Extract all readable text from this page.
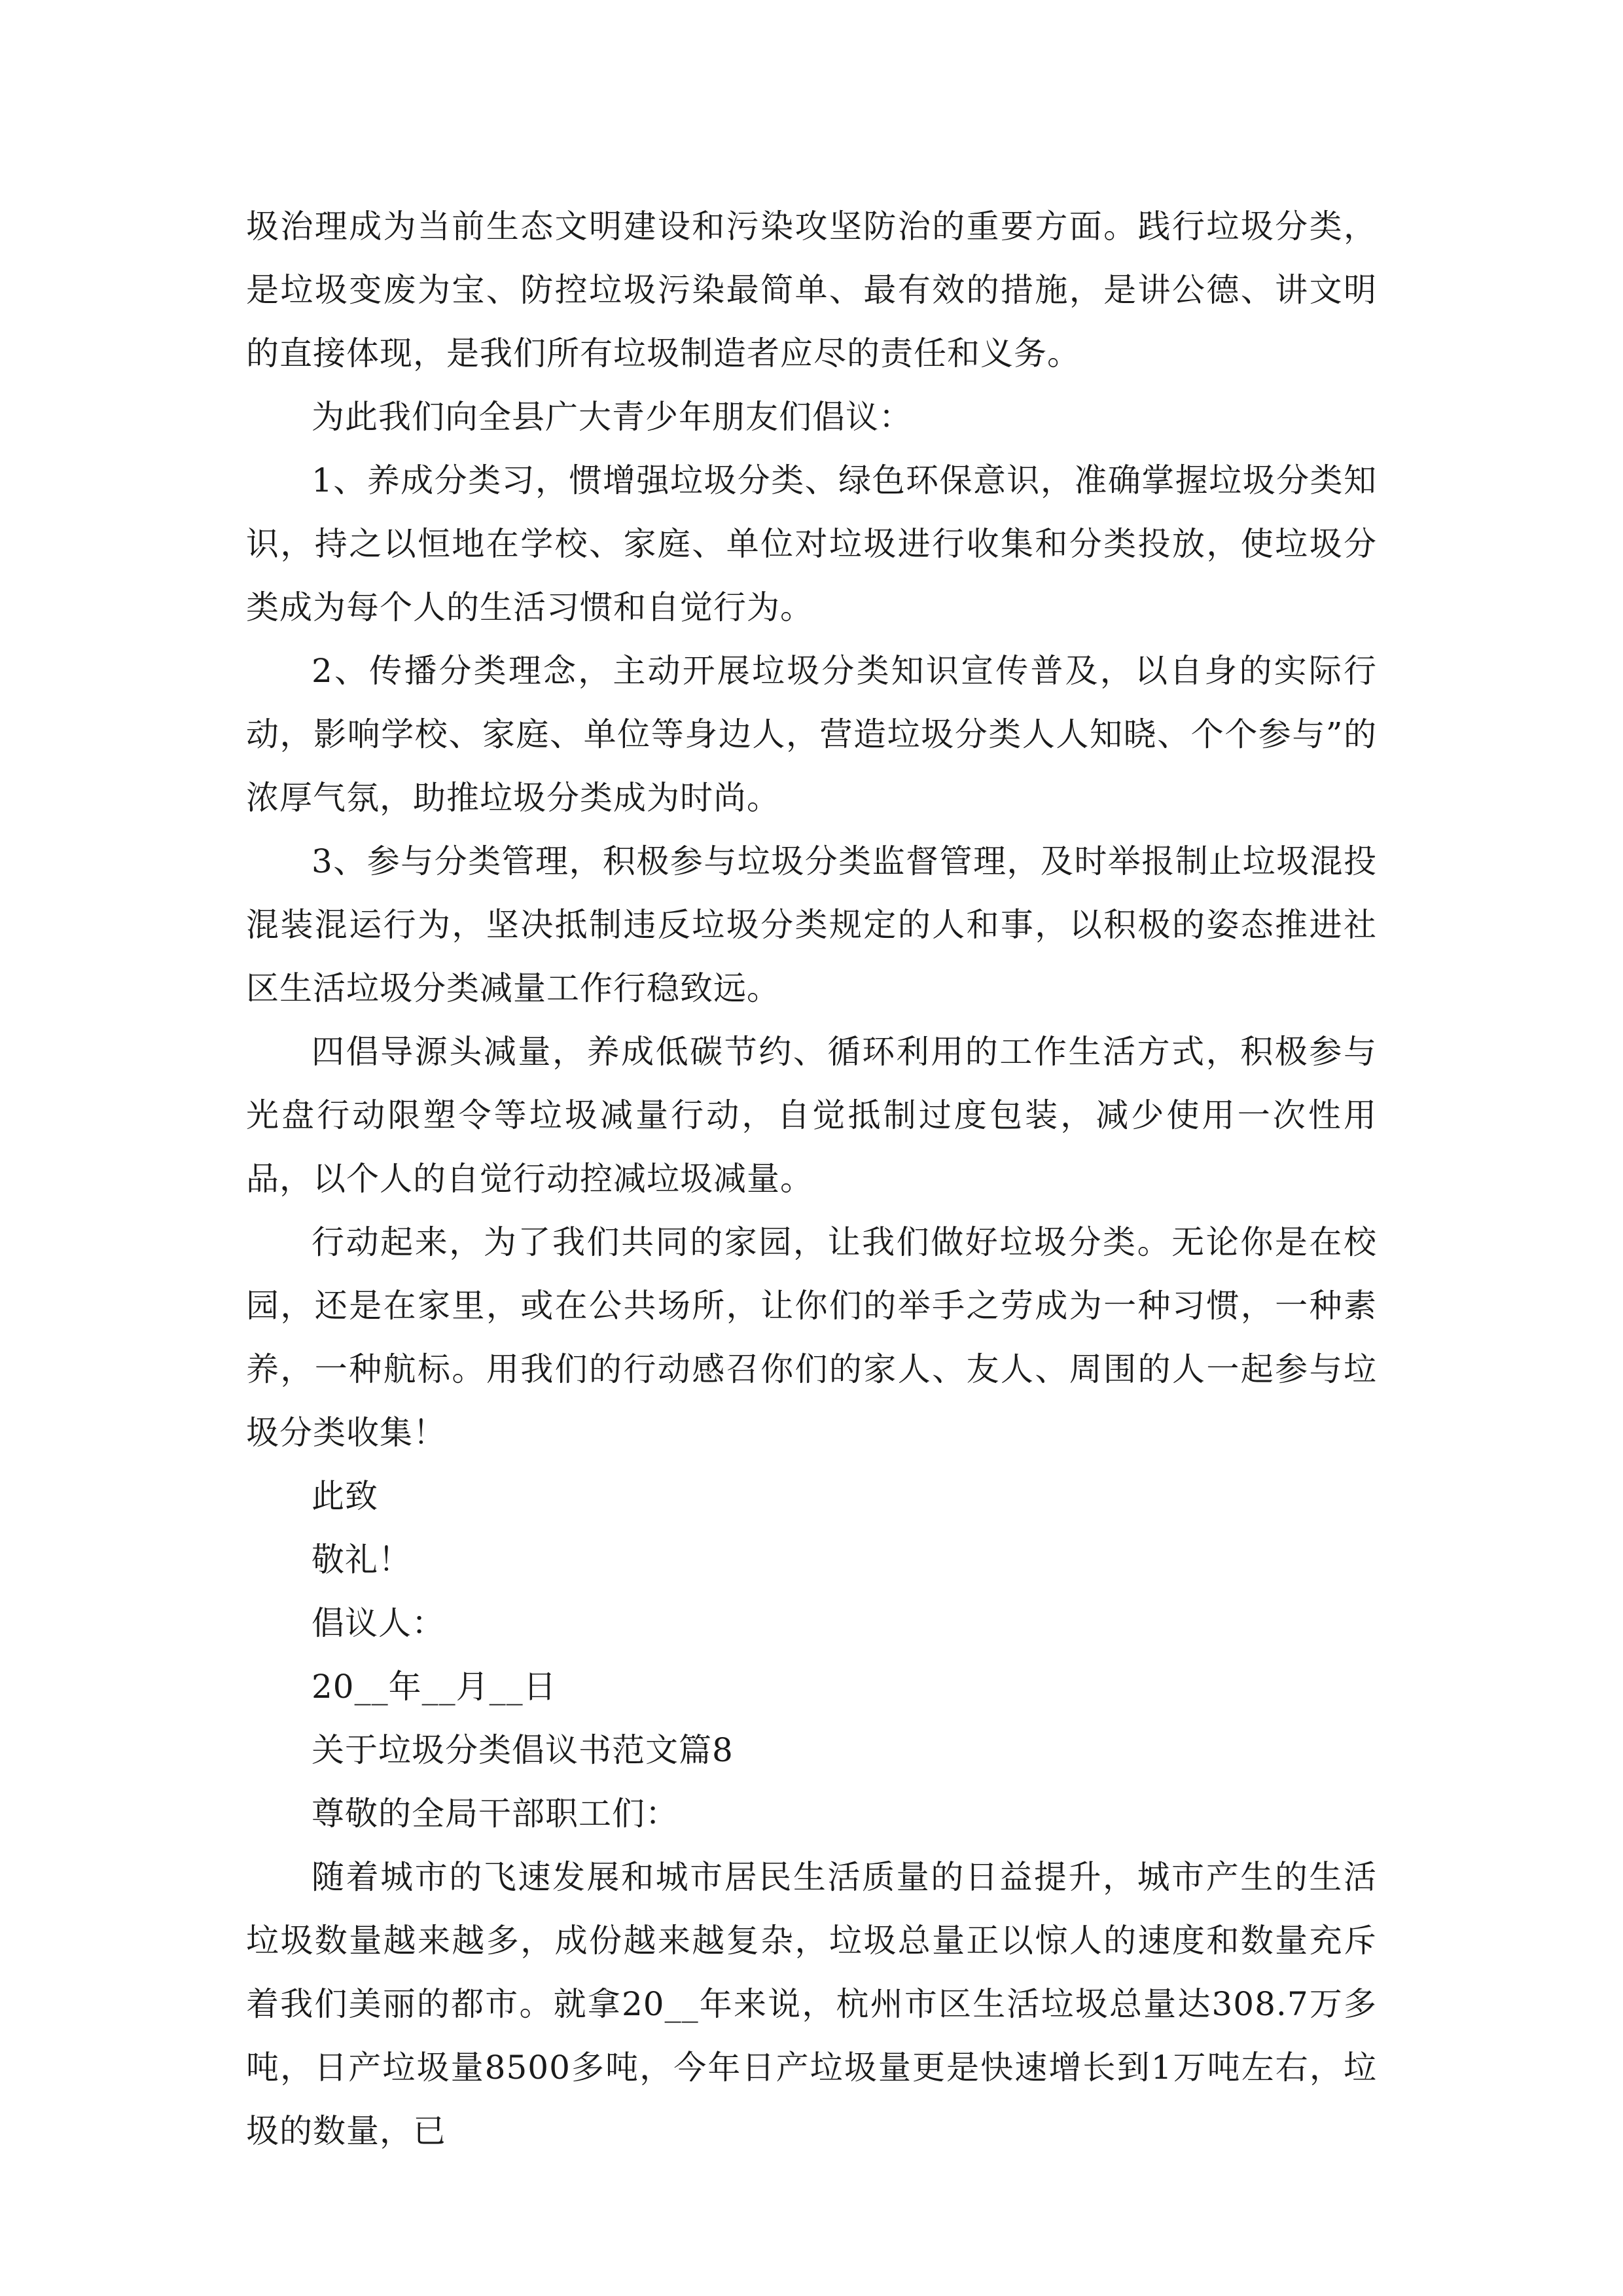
圾治理成为当前生态文明建设和污染攻坚防治的重要方面。践行垃圾分类，是垃圾变废为宝、防控垃圾污染最简单、最有效的措施，是讲公德、讲文明的直接体现，是我们所有垃圾制造者应尽的责任和义务。

为此我们向全县广大青少年朋友们倡议：

1、养成分类习，惯增强垃圾分类、绿色环保意识，准确掌握垃圾分类知识，持之以恒地在学校、家庭、单位对垃圾进行收集和分类投放，使垃圾分类成为每个人的生活习惯和自觉行为。

2、传播分类理念，主动开展垃圾分类知识宣传普及，以自身的实际行动，影响学校、家庭、单位等身边人，营造垃圾分类人人知晓、个个参与”的浓厚气氛，助推垃圾分类成为时尚。

3、参与分类管理，积极参与垃圾分类监督管理，及时举报制止垃圾混投混装混运行为，坚决抵制违反垃圾分类规定的人和事，以积极的姿态推进社区生活垃圾分类减量工作行稳致远。

四倡导源头减量，养成低碳节约、循环利用的工作生活方式，积极参与光盘行动限塑令等垃圾减量行动，自觉抵制过度包装，减少使用一次性用品，以个人的自觉行动控减垃圾减量。

行动起来，为了我们共同的家园，让我们做好垃圾分类。无论你是在校园，还是在家里，或在公共场所，让你们的举手之劳成为一种习惯，一种素养，一种航标。用我们的行动感召你们的家人、友人、周围的人一起参与垃圾分类收集！

此致

敬礼！

倡议人：

20__年__月__日

关于垃圾分类倡议书范文篇8

尊敬的全局干部职工们：

随着城市的飞速发展和城市居民生活质量的日益提升，城市产生的生活垃圾数量越来越多，成份越来越复杂，垃圾总量正以惊人的速度和数量充斥着我们美丽的都市。就拿20__年来说，杭州市区生活垃圾总量达308.7万多吨，日产垃圾量8500多吨，今年日产垃圾量更是快速增长到1万吨左右，垃圾的数量，已
